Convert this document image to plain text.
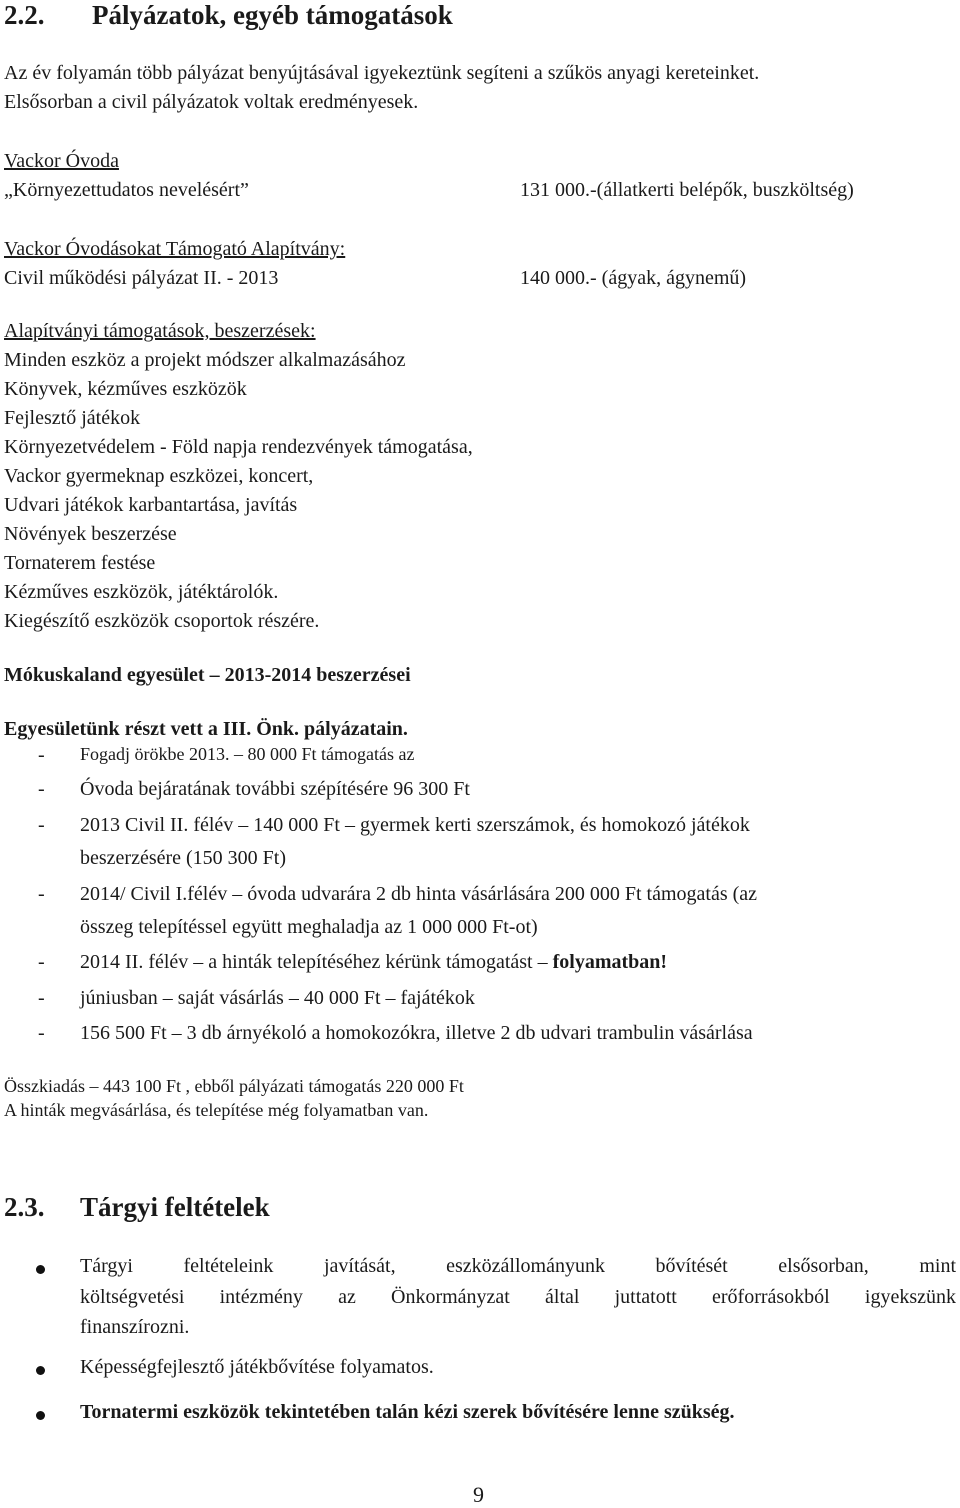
2.2. Pályázatok, egyéb támogatások
Az év folyamán több pályázat benyújtásával igyekeztünk segíteni a szűkös anyagi kereteinket.
Elsősorban a civil pályázatok voltak eredményesek.
Vackor Óvoda
„Környezettudatos nevelésért”	131 000.-(állatkerti belépők, buszköltség)
Vackor Óvodásokat Támogató Alapítvány:
Civil működési pályázat II. - 2013	140 000.- (ágyak, ágynemű)
Alapítványi támogatások, beszerzések:
Minden eszköz a projekt módszer alkalmazásához
Könyvek, kézműves eszközök
Fejlesztő játékok
Környezetvédelem - Föld napja rendezvények támogatása,
Vackor gyermeknap eszközei, koncert,
Udvari játékok karbantartása, javítás
Növények beszerzése
Tornaterem festése
Kézműves eszközök, játéktárolók.
Kiegészítő eszközök csoportok részére.
Mókuskaland egyesület – 2013-2014 beszerzései
Egyesületünk részt vett a III. Önk. pályázatain.
- Fogadj örökbe 2013. – 80 000 Ft támogatás az
- Óvoda bejáratának további szépítésére 96 300 Ft
- 2013 Civil II. félév – 140 000 Ft – gyermek kerti szerszámok, és homokozó játékok
beszerzésére (150 300 Ft)
- 2014/ Civil I.félév – óvoda udvarára 2 db hinta vásárlására 200 000 Ft támogatás (az
összeg telepítéssel együtt meghaladja az 1 000 000 Ft-ot)
- 2014 II. félév – a hinták telepítéséhez kérünk támogatást – folyamatban!
- júniusban – saját vásárlás – 40 000 Ft – fajátékok
- 156 500 Ft – 3 db árnyékoló a homokozókra, illetve 2 db udvari trambulin vásárlása
Összkiadás – 443 100 Ft , ebből pályázati támogatás 220 000 Ft
A hinták megvásárlása, és telepítése még folyamatban van.
2.3. Tárgyi feltételek
Tárgyi feltételeink javítását, eszközállományunk bővítését elsősorban, mint
költségvetési intézmény az Önkormányzat által juttatott erőforrásokból igyekszünk
finanszírozni.
Képességfejlesztő játékbővítése folyamatos.
Tornatermi eszközök tekintetében talán kézi szerek bővítésére lenne szükség.
9
